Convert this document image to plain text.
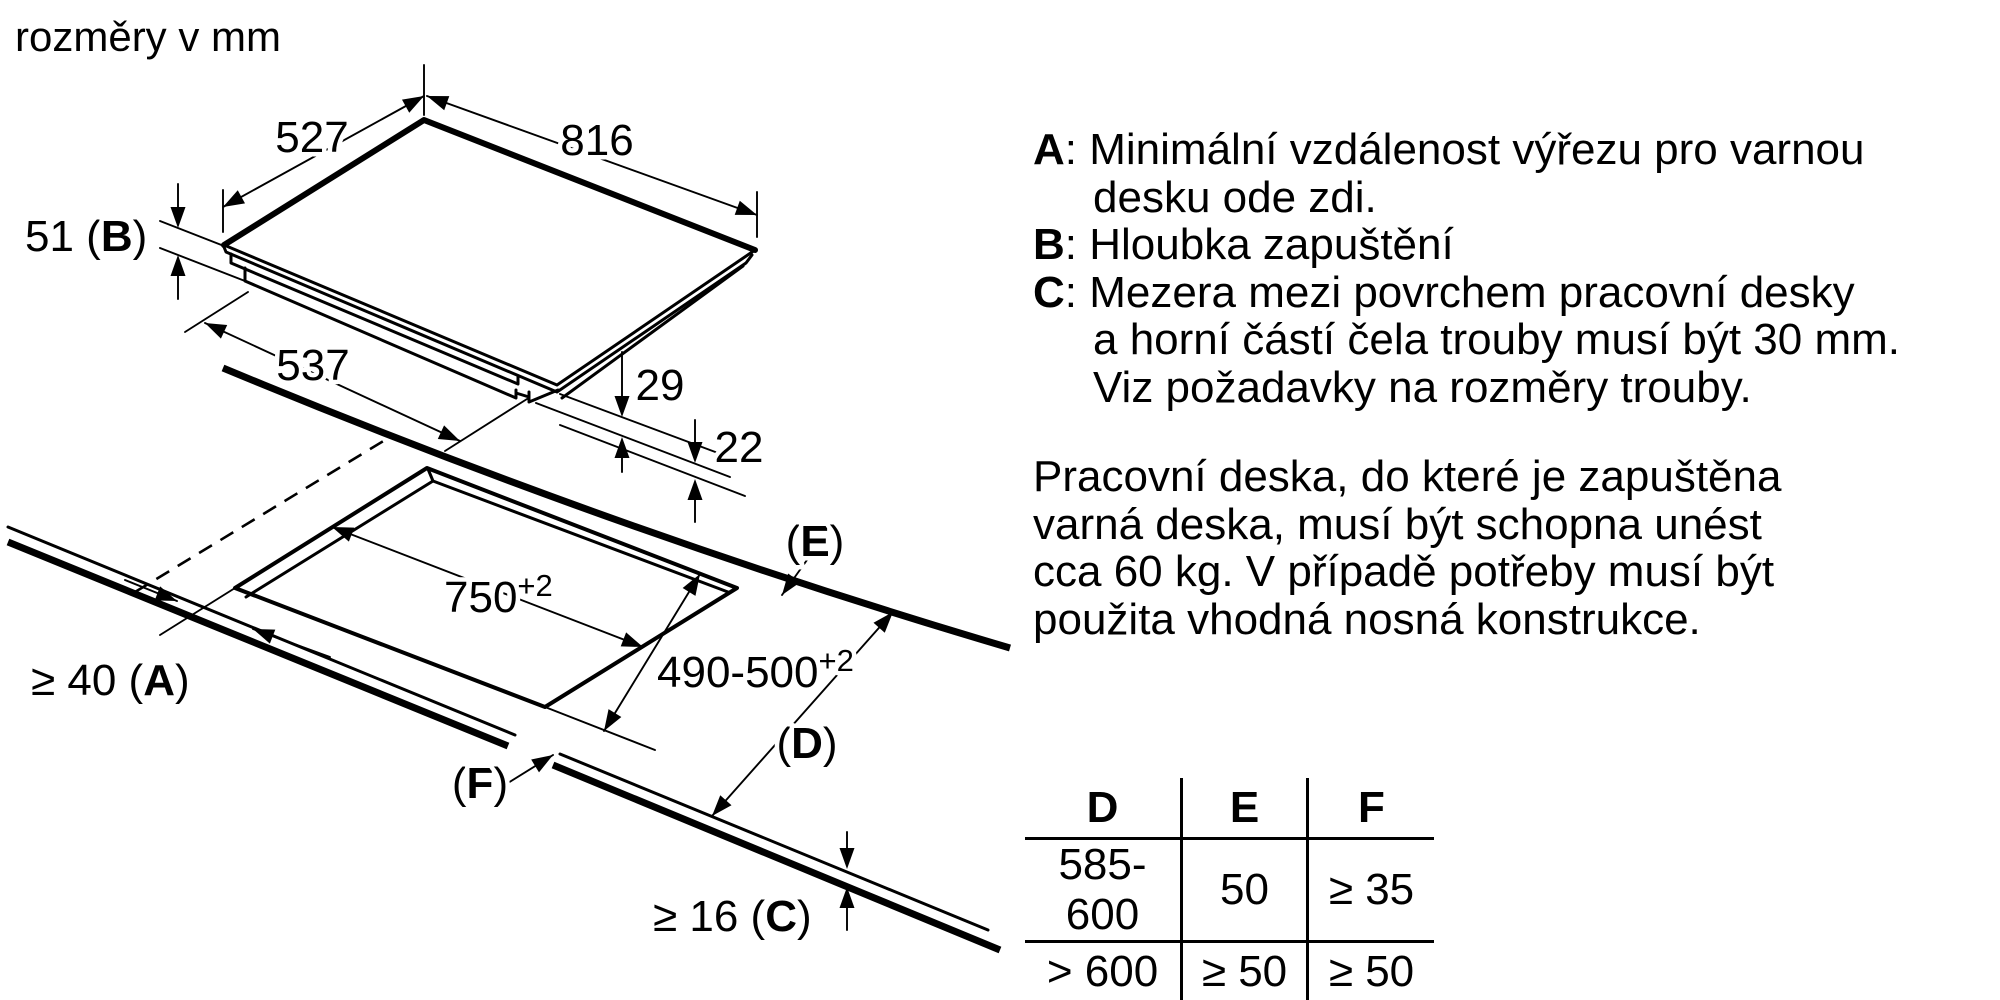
527	816
51 (B)
537	29
22
$750^{+2}$
$490-500^{+2}$
≥ 40 (A)
≥ 16 (C)
(E)
(D)
(F)
rozměry v mm
A: Minimální vzdálenost výřezu pro varnou
desku ode zdi.
B: Hloubka zapuštění
C: Mezera mezi povrchem pracovní desky
a horní částí čela trouby musí být 30 mm.
Viz požadavky na rozměry trouby.
Pracovní deska, do které je zapuštěna
varná deska, musí být schopna unést
cca 60 kg. V případě potřeby musí být
použita vhodná nosná konstrukce.
D	E	F
585-600	50	≥ 35
> 600	≥ 50	≥ 50
